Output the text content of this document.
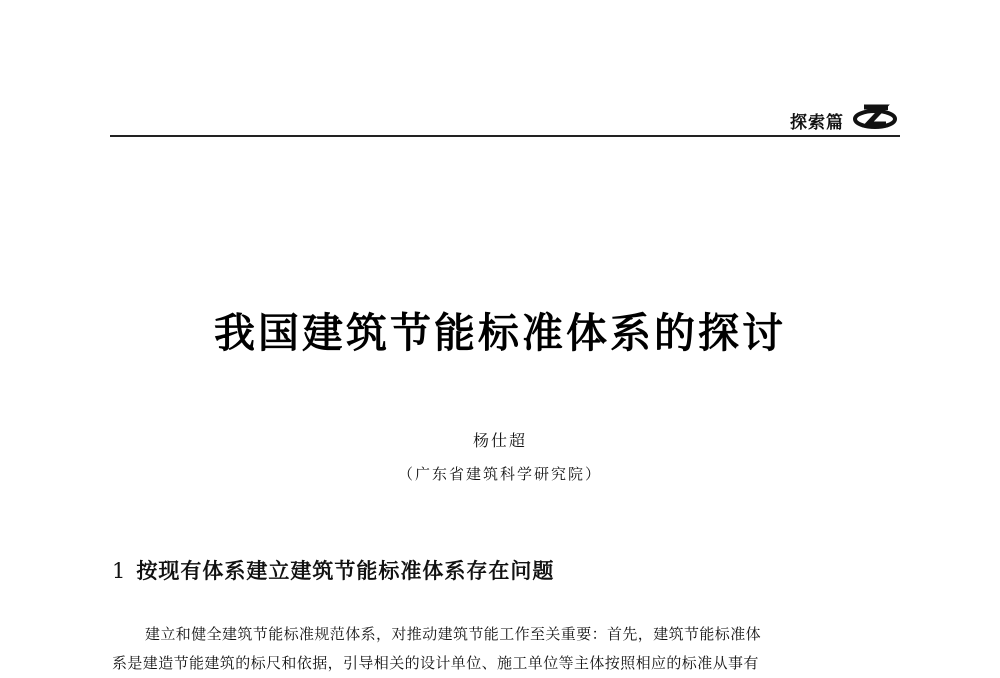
探索篇
我国建筑节能标准体系的探讨
杨仕超
（广东省建筑科学研究院）
1 按现有体系建立建筑节能标准体系存在问题
建立和健全建筑节能标准规范体系，对推动建筑节能工作至关重要：首先，建筑节能标准体
系是建造节能建筑的标尺和依据，引导相关的设计单位、施工单位等主体按照相应的标准从事有
